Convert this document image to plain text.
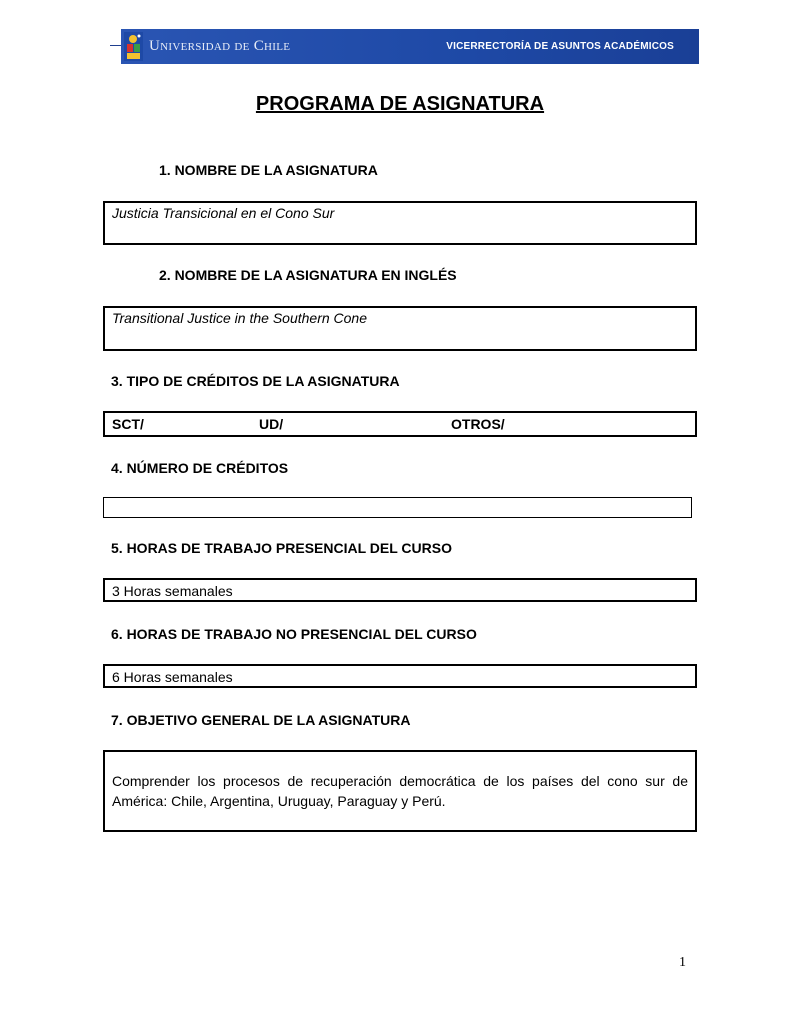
Universidad de Chile	VICERRECTORÍA DE ASUNTOS ACADÉMICOS
PROGRAMA DE ASIGNATURA
1. NOMBRE DE LA ASIGNATURA
Justicia Transicional en el Cono Sur
2. NOMBRE DE LA ASIGNATURA EN INGLÉS
Transitional Justice in the Southern Cone
3. TIPO DE CRÉDITOS DE LA ASIGNATURA
SCT/	UD/	OTROS/
4. NÚMERO DE CRÉDITOS
5. HORAS DE TRABAJO PRESENCIAL DEL CURSO
3 Horas semanales
6. HORAS DE TRABAJO NO PRESENCIAL DEL CURSO
6 Horas semanales
7. OBJETIVO GENERAL DE LA ASIGNATURA
Comprender los procesos de recuperación democrática de los países del cono sur de América: Chile, Argentina, Uruguay, Paraguay y Perú.
1
